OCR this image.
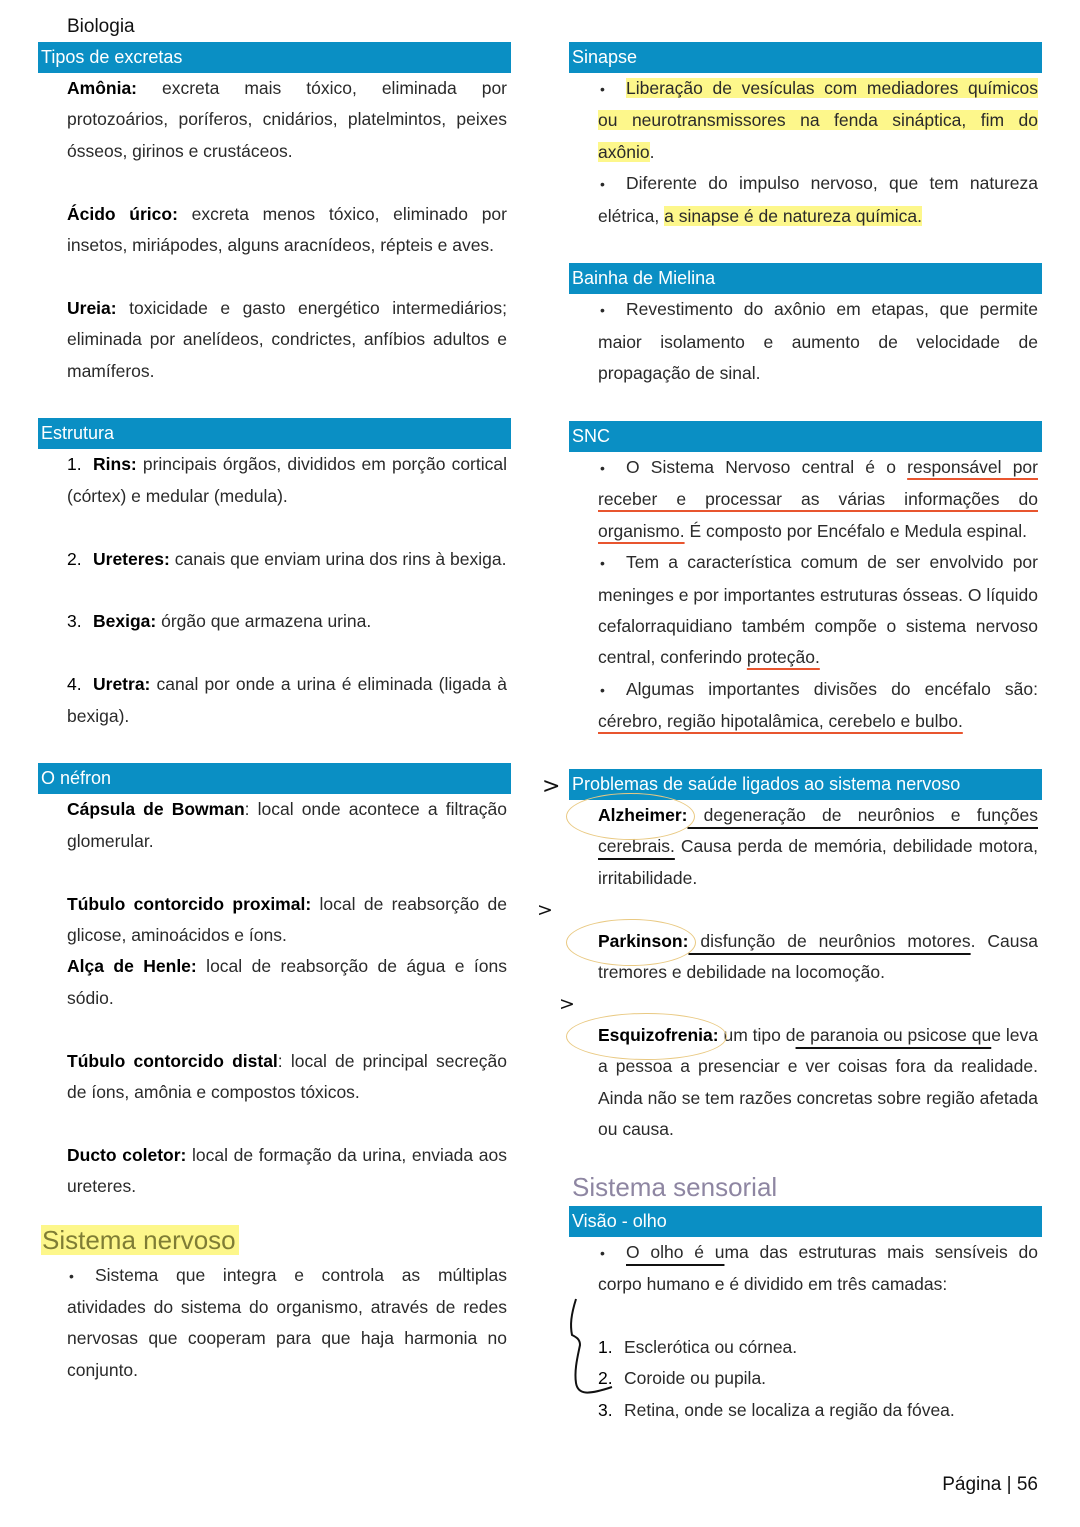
Biologia
Tipos de excretas
Amônia: excreta mais tóxico, eliminada por protozoários, poríferos, cnidários, platelmintos, peixes ósseos, girinos e crustáceos.
Ácido úrico: excreta menos tóxico, eliminado por insetos, miriápodes, alguns aracnídeos, répteis e aves.
Ureia: toxicidade e gasto energético intermediários; eliminada por anelídeos, condrictes, anfíbios adultos e mamíferos.
Estrutura
1. Rins: principais órgãos, divididos em porção cortical (córtex) e medular (medula).
2. Ureteres: canais que enviam urina dos rins à bexiga.
3. Bexiga: órgão que armazena urina.
4. Uretra: canal por onde a urina é eliminada (ligada à bexiga).
O néfron
Cápsula de Bowman: local onde acontece a filtração glomerular.
Túbulo contorcido proximal: local de reabsorção de glicose, aminoácidos e íons.
Alça de Henle: local de reabsorção de água e íons sódio.
Túbulo contorcido distal: local de principal secreção de íons, amônia e compostos tóxicos.
Ducto coletor: local de formação da urina, enviada aos ureteres.
Sistema nervoso
• Sistema que integra e controla as múltiplas atividades do sistema do organismo, através de redes nervosas que cooperam para que haja harmonia no conjunto.
Sinapse
• Liberação de vesículas com mediadores químicos ou neurotransmissores na fenda sináptica, fim do axônio.
• Diferente do impulso nervoso, que tem natureza elétrica, a sinapse é de natureza química.
Bainha de Mielina
• Revestimento do axônio em etapas, que permite maior isolamento e aumento de velocidade de propagação de sinal.
SNC
• O Sistema Nervoso central é o responsável por receber e processar as várias informações do organismo. É composto por Encéfalo e Medula espinal.
• Tem a característica comum de ser envolvido por meninges e por importantes estruturas ósseas. O líquido cefalorraquidiano também compõe o sistema nervoso central, conferindo proteção.
• Algumas importantes divisões do encéfalo são: cérebro, região hipotalâmica, cerebelo e bulbo.
Problemas de saúde ligados ao sistema nervoso
Alzheimer: degeneração de neurônios e funções cerebrais. Causa perda de memória, debilidade motora, irritabilidade.
Parkinson: disfunção de neurônios motores. Causa tremores e debilidade na locomoção.
Esquizofrenia: um tipo de paranoia ou psicose que leva a pessoa a presenciar e ver coisas fora da realidade. Ainda não se tem razões concretas sobre região afetada ou causa.
Sistema sensorial
Visão - olho
• O olho é uma das estruturas mais sensíveis do corpo humano e é dividido em três camadas:
1. Esclerótica ou córnea.
2. Coroide ou pupila.
3. Retina, onde se localiza a região da fóvea.
>
>
>
Página | 56
